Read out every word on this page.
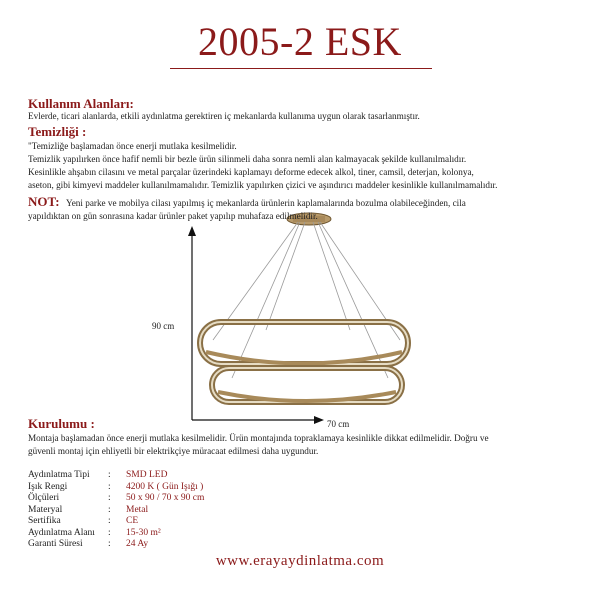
2005-2 ESK
90 cm
70 cm
Kullanım Alanları:
Evlerde, ticari alanlarda, etkili aydınlatma gerektiren iç mekanlarda kullanıma uygun olarak tasarlanmıştır.
Temizliği :
"Temizliğe başlamadan önce enerji mutlaka kesilmelidir.
Temizlik yapılırken önce hafif nemli bir bezle ürün silinmeli daha sonra nemli alan kalmayacak şekilde kullanılmalıdır.
Kesinlikle ahşabın cilasını ve metal parçalar üzerindeki kaplamayı deforme edecek alkol, tiner, camsil, deterjan, kolonya,
aseton, gibi kimyevi maddeler kullanılmamalıdır. Temizlik yapılırken çizici ve aşındırıcı maddeler kesinlikle kullanılmamalıdır.
NOT: Yeni parke ve mobilya cilası yapılmış iç mekanlarda ürünlerin kaplamalarında bozulma olabileceğinden, cila
yapıldıktan on gün sonrasına kadar ürünler paket yapılıp muhafaza edilmelidir.
Kurulumu :
Montaja başlamadan önce enerji mutlaka kesilmelidir. Ürün montajında topraklamaya kesinlikle dikkat edilmelidir. Doğru ve
güvenli montaj için ehliyetli bir elektrikçiye müracaat edilmesi daha uygundur.
Aydınlatma Tipi	:	SMD LED
Işık Rengi	:	4200 K ( Gün Işığı )
Ölçüleri	:	50 x 90 / 70 x 90 cm
Materyal	:	Metal
Sertifika	:	CE
Aydınlatma Alanı	:	15-30 m²
Garanti Süresi	:	24 Ay
www.erayaydinlatma.com
